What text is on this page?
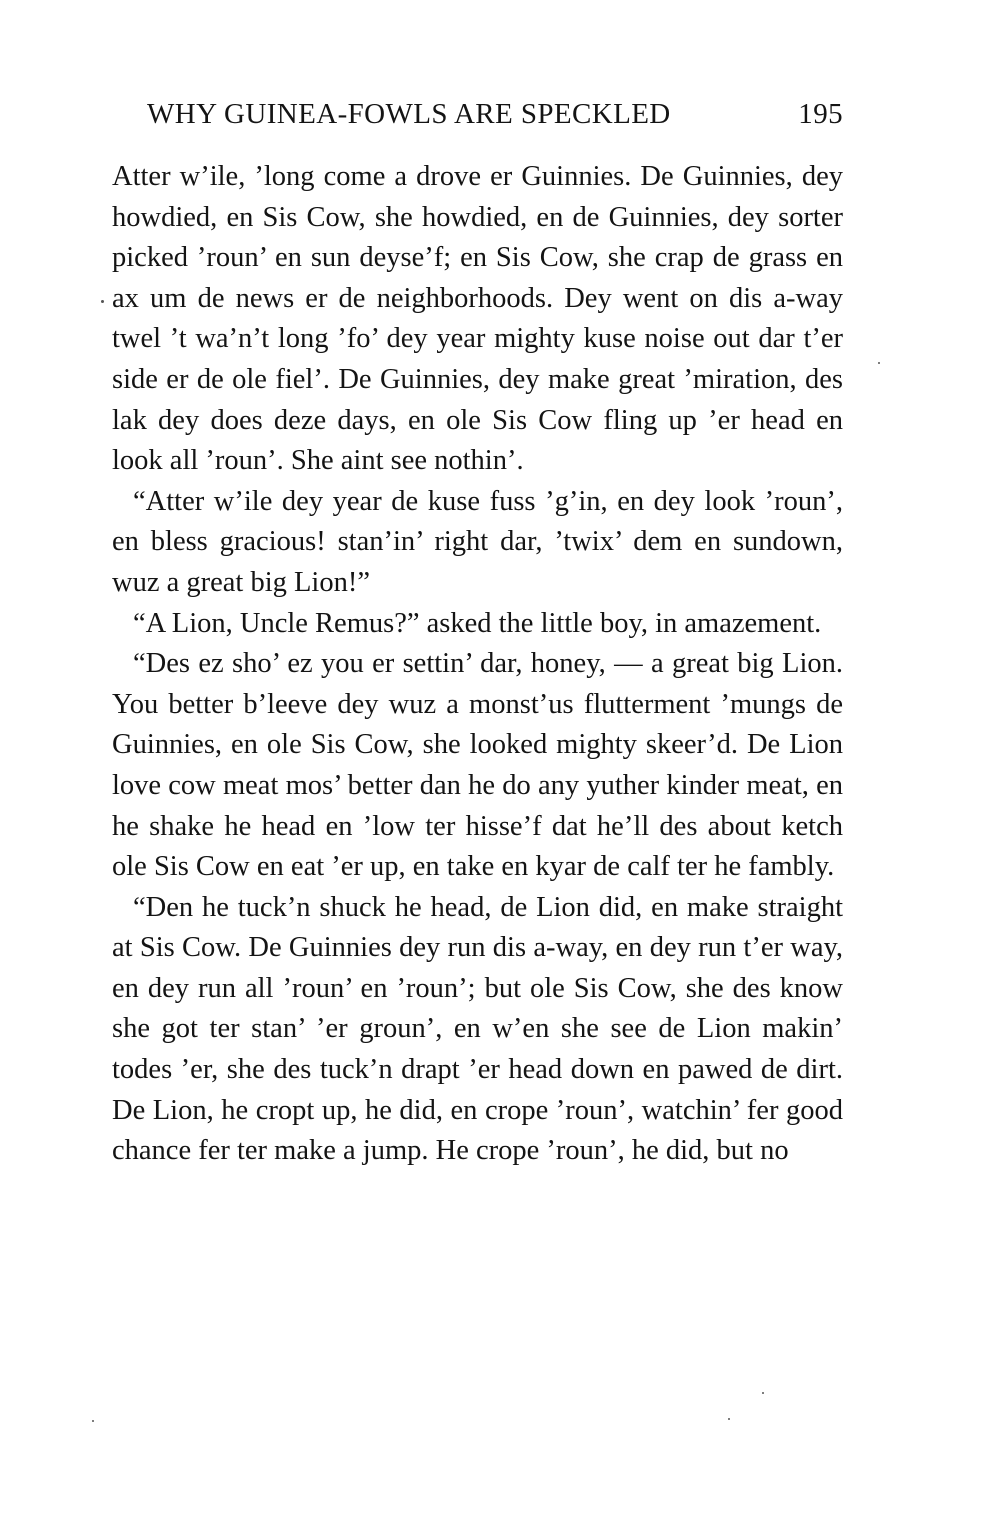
WHY GUINEA-FOWLS ARE SPECKLED	195

Atter w’ile, ’long come a drove er Guinnies. De Guinnies, dey howdied, en Sis Cow, she howdied, en de Guinnies, dey sorter picked ’roun’ en sun deyse’f; en Sis Cow, she crap de grass en ax um de news er de neighborhoods. Dey went on dis a-way twel ’t wa’n’t long ’fo’ dey year mighty kuse noise out dar t’er side er de ole fiel’. De Guinnies, dey make great ’miration, des lak dey does deze days, en ole Sis Cow fling up ’er head en look all ’roun’. She aint see nothin’.

“Atter w’ile dey year de kuse fuss ’g’in, en dey look ’roun’, en bless gracious! stan’in’ right dar, ’twix’ dem en sundown, wuz a great big Lion!”

“A Lion, Uncle Remus?” asked the little boy, in amazement.

“Des ez sho’ ez you er settin’ dar, honey, — a great big Lion. You better b’leeve dey wuz a monst’us flutterment ’mungs de Guinnies, en ole Sis Cow, she looked mighty skeer’d. De Lion love cow meat mos’ better dan he do any yuther kinder meat, en he shake he head en ’low ter hisse’f dat he’ll des about ketch ole Sis Cow en eat ’er up, en take en kyar de calf ter he fambly.

“Den he tuck’n shuck he head, de Lion did, en make straight at Sis Cow. De Guinnies dey run dis a-way, en dey run t’er way, en dey run all ’roun’ en ’roun’; but ole Sis Cow, she des know she got ter stan’ ’er groun’, en w’en she see de Lion makin’ todes ’er, she des tuck’n drapt ’er head down en pawed de dirt. De Lion, he cropt up, he did, en crope ’roun’, watchin’ fer good chance fer ter make a jump. He crope ’roun’, he did, but no
